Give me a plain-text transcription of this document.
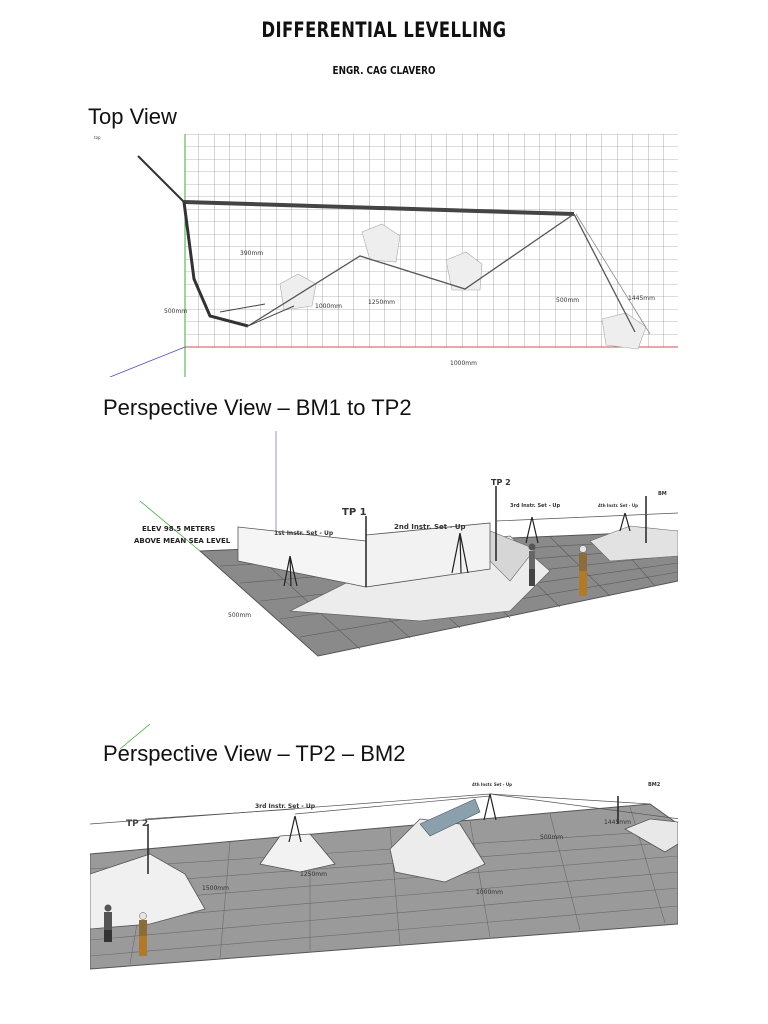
DIFFERENTIAL LEVELLING
ENGR. CAG CLAVERO
Top View
top
390mm
500mm
1000mm
1250mm	500mm	1445mm
1000mm
Perspective View – BM1 to TP2
ELEV 98.5 METERS
ABOVE MEAN SEA LEVEL
1st Instr. Set - Up
TP 1
2nd Instr. Set - Up
TP 2
3rd Instr. Set - Up	4th Instr. Set - Up
BM
500mm
TP 2
3rd Instr. Set - Up
4th Instr. Set - Up	BM2
500mm
1445mm
1500mm
1250mm
1000mm
Perspective View – TP2 – BM2
